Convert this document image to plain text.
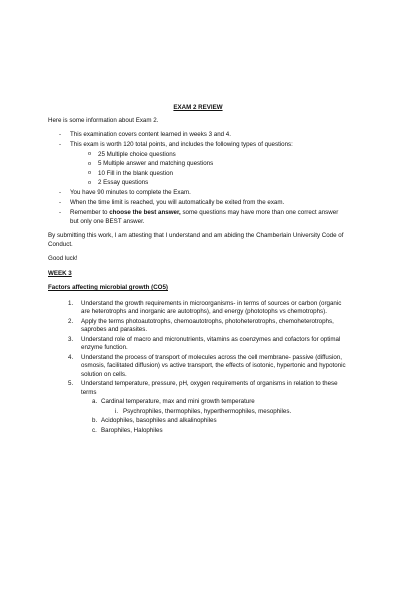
EXAM 2 REVIEW

Here is some information about Exam 2.

- This examination covers content learned in weeks 3 and 4.
- This exam is worth 120 total points, and includes the following types of questions:
o 25 Multiple choice questions
o 5 Multiple answer and matching questions
o 10 Fill in the blank question
o 2 Essay questions
- You have 90 minutes to complete the Exam.
- When the time limit is reached, you will automatically be exited from the exam.
- Remember to choose the best answer, some questions may have more than one correct answer but only one BEST answer.

By submitting this work, I am attesting that I understand and am abiding the Chamberlain University Code of Conduct.

Good luck!

WEEK 3
Factors affecting microbial growth (CO5)
1. Understand the growth requirements in microorganisms- in terms of sources or carbon (organic are heterotrophs and inorganic are autotrophs), and energy (phototophs vs chemotrophs).
2. Apply the terms photoautotrophs, chemoautotrophs, photoheterotrophs, chemoheterotrophs, saprobes and parasites.
3. Understand role of macro and micronutrients, vitamins as coenzymes and cofactors for optimal enzyme function.
4. Understand the process of transport of molecules across the cell membrane- passive (diffusion, osmosis, facilitated diffusion) vs active transport, the effects of isotonic, hypertonic and hypotonic solution on cells.
5. Understand temperature, pressure, pH, oxygen requirements of organisms in relation to these terms
a. Cardinal temperature, max and mini growth temperature
i. Psychrophiles, thermophiles, hyperthermophiles, mesophiles.
b. Acidophiles, basophiles and alkalinophiles
c. Barophiles, Halophiles
